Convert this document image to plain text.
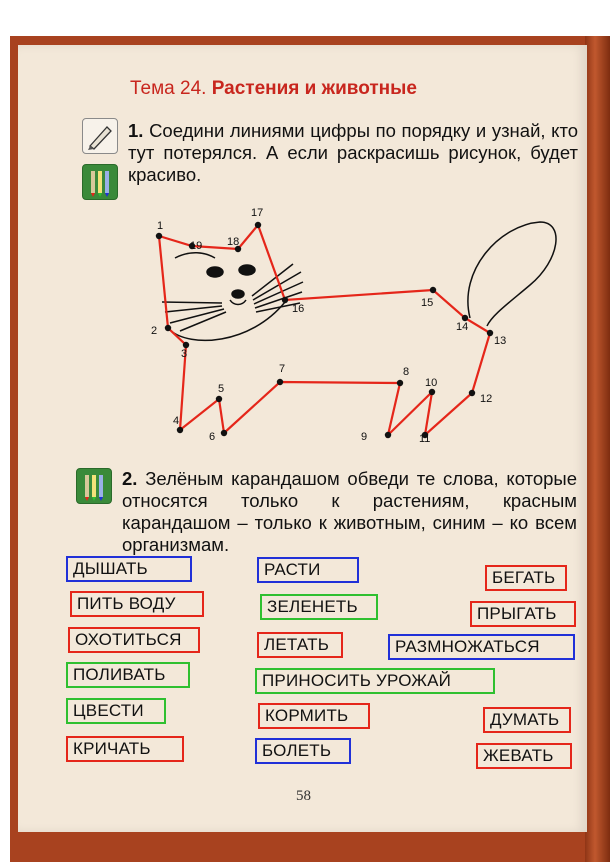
Тема 24. Растения и животные
1. Соедини линиями цифры по порядку и узнай, кто тут потерялся. А если раскрасишь рисунок, будет красиво.
1
2
3
4
5
6
7	8
9
10
11
12
13
14
15
16
17
18
19
2. Зелёным карандашом обведи те слова, которые относятся только к растениям, красным карандашом – только к животным, синим – ко всем организмам.
ДЫШАТЬ	РАСТИ	БЕГАТЬ
ПИТЬ ВОДУ	ЗЕЛЕНЕТЬ	ПРЫГАТЬ
ОХОТИТЬСЯ	ЛЕТАТЬ	РАЗМНОЖАТЬСЯ
ПОЛИВАТЬ	ПРИНОСИТЬ УРОЖАЙ
ЦВЕСТИ	КОРМИТЬ	ДУМАТЬ
КРИЧАТЬ	БОЛЕТЬ	ЖЕВАТЬ
58
